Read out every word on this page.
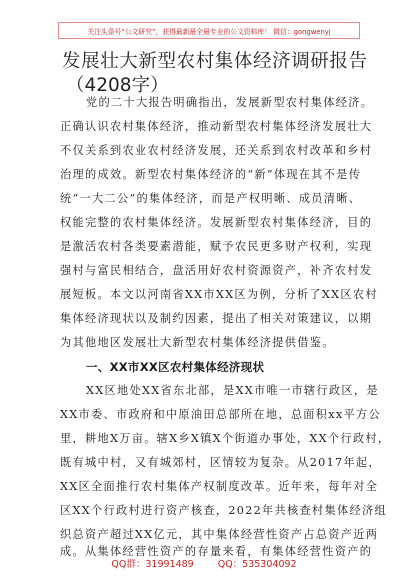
关注头条号“公文研究”，获得最新最全最专业的公文资料库！ 微信：gongwenyj
发展壮大新型农村集体经济调研报告
（4208字）
党的二十大报告明确指出，发展新型农村集体经济。
正确认识农村集体经济，推动新型农村集体经济发展壮大
不仅关系到农业农村经济发展，还关系到农村改革和乡村
治理的成效。新型农村集体经济的“新”体现在其不是传
统“一大二公”的集体经济，而是产权明晰、成员清晰、
权能完整的农村集体经济。发展新型农村集体经济，目的
是激活农村各类要素潜能，赋予农民更多财产权利，实现
强村与富民相结合，盘活用好农村资源资产，补齐农村发
展短板。本文以河南省XX市XX区为例，分析了XX区农村
集体经济现状以及制约因素，提出了相关对策建议，以期
为其他地区发展壮大新型农村集体经济提供借鉴。
一、XX市XX区农村集体经济现状
XX区地处XX省东北部，是XX市唯一市辖行政区，是
XX市委、市政府和中原油田总部所在地，总面积xx平方公
里，耕地X万亩。辖X乡X镇X个街道办事处，XX个行政村，
既有城中村，又有城郊村，区情较为复杂。从2017年起，
XX区全面推行农村集体产权制度改革。近年来，每年对全
区XX个行政村进行资产核查，2022年共核查村集体经济组
织总资产超过XX亿元，其中集体经营性资产占总资产近两
成。从集体经营性资产的存量来看，有集体经营性资产的
QQ群：31991489	QQ：535304092
